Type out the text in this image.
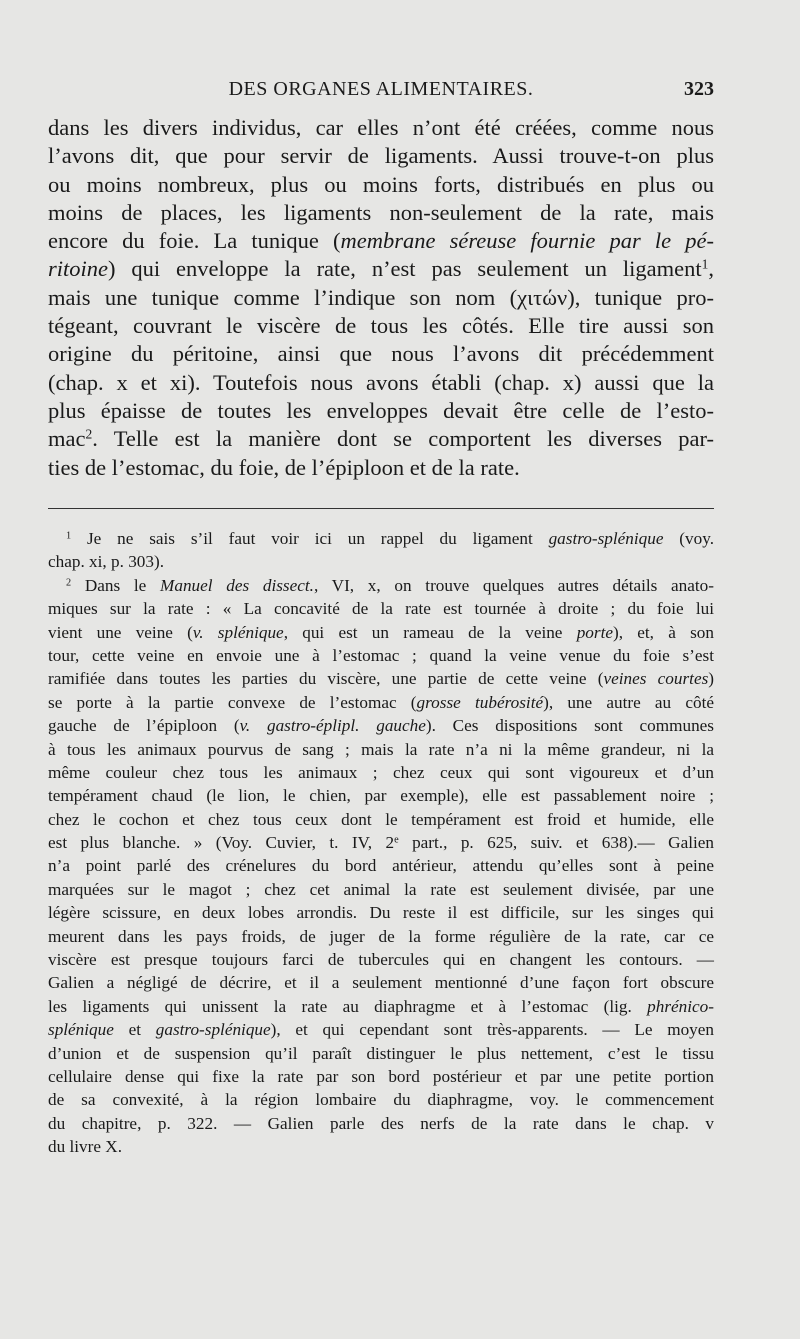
DES ORGANES ALIMENTAIRES.	323
dans les divers individus, car elles n’ont été créées, comme nous
l’avons dit, que pour servir de ligaments. Aussi trouve-t-on plus
ou moins nombreux, plus ou moins forts, distribués en plus ou
moins de places, les ligaments non-seulement de la rate, mais
encore du foie. La tunique (membrane séreuse fournie par le pé-
ritoine) qui enveloppe la rate, n’est pas seulement un ligament$^1$,
mais une tunique comme l’indique son nom (χιτών), tunique pro-
tégeant, couvrant le viscère de tous les côtés. Elle tire aussi son
origine du péritoine, ainsi que nous l’avons dit précédemment
(chap. x et xi). Toutefois nous avons établi (chap. x) aussi que la
plus épaisse de toutes les enveloppes devait être celle de l’esto-
mac$^2$. Telle est la manière dont se comportent les diverses par-
ties de l’estomac, du foie, de l’épiploon et de la rate.
$^1$ Je ne sais s’il faut voir ici un rappel du ligament gastro-splénique (voy.
chap. xi, p. 303).
$^2$ Dans le Manuel des dissect., VI, x, on trouve quelques autres détails anato-
miques sur la rate : « La concavité de la rate est tournée à droite ; du foie lui
vient une veine (v. splénique, qui est un rameau de la veine porte), et, à son
tour, cette veine en envoie une à l’estomac ; quand la veine venue du foie s’est
ramifiée dans toutes les parties du viscère, une partie de cette veine (veines courtes)
se porte à la partie convexe de l’estomac (grosse tubérosité), une autre au côté
gauche de l’épiploon (v. gastro-éplipl. gauche). Ces dispositions sont communes
à tous les animaux pourvus de sang ; mais la rate n’a ni la même grandeur, ni la
même couleur chez tous les animaux ; chez ceux qui sont vigoureux et d’un
tempérament chaud (le lion, le chien, par exemple), elle est passablement noire ;
chez le cochon et chez tous ceux dont le tempérament est froid et humide, elle
est plus blanche. » (Voy. Cuvier, t. IV, 2e part., p. 625, suiv. et 638).— Galien
n’a point parlé des crénelures du bord antérieur, attendu qu’elles sont à peine
marquées sur le magot ; chez cet animal la rate est seulement divisée, par une
légère scissure, en deux lobes arrondis. Du reste il est difficile, sur les singes qui
meurent dans les pays froids, de juger de la forme régulière de la rate, car ce
viscère est presque toujours farci de tubercules qui en changent les contours. —
Galien a négligé de décrire, et il a seulement mentionné d’une façon fort obscure
les ligaments qui unissent la rate au diaphragme et à l’estomac (lig. phrénico-
splénique et gastro-splénique), et qui cependant sont très-apparents. — Le moyen
d’union et de suspension qu’il paraît distinguer le plus nettement, c’est le tissu
cellulaire dense qui fixe la rate par son bord postérieur et par une petite portion
de sa convexité, à la région lombaire du diaphragme, voy. le commencement
du chapitre, p. 322. — Galien parle des nerfs de la rate dans le chap. v
du livre X.
